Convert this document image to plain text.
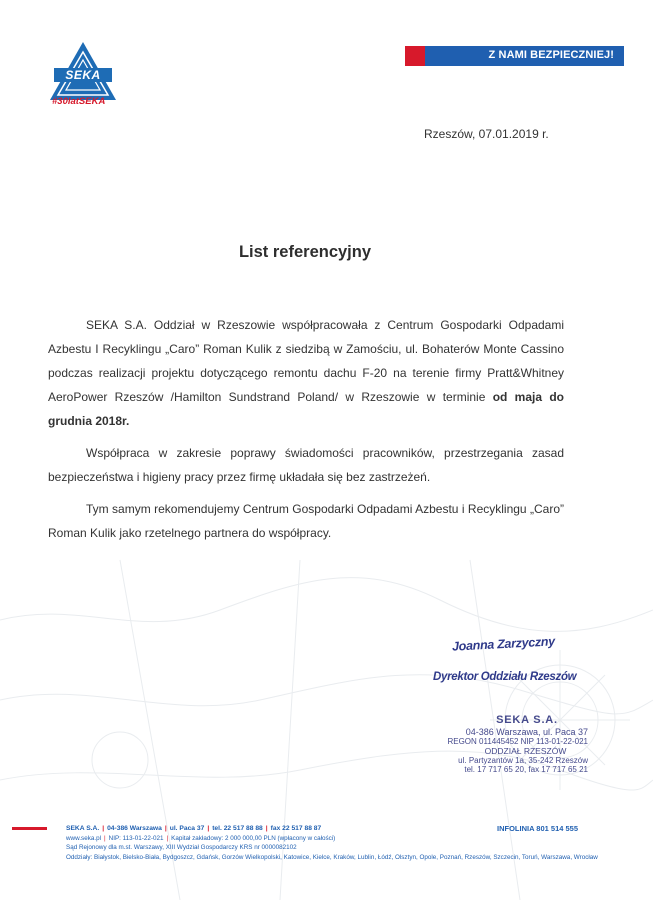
SEKA
#30latSEKA
Z NAMI BEZPIECZNIEJ!
Rzeszów, 07.01.2019 r.
List referencyjny

SEKA S.A. Oddział w Rzeszowie współpracowała z Centrum Gospodarki Odpadami Azbestu I Recyklingu „Caro” Roman Kulik z siedzibą w Zamościu, ul. Bohaterów Monte Cassino podczas realizacji projektu dotyczącego remontu dachu F-20 na terenie firmy Pratt&Whitney AeroPower Rzeszów /Hamilton Sundstrand Poland/ w Rzeszowie w terminie od maja do grudnia 2018r.

Współpraca w zakresie poprawy świadomości pracowników, przestrzegania zasad bezpieczeństwa i higieny pracy przez firmę układała się bez zastrzeżeń.

Tym samym rekomendujemy Centrum Gospodarki Odpadami Azbestu i Recyklingu „Caro” Roman Kulik jako rzetelnego partnera do współpracy.

Joanna Zarzyczny
Dyrektor Oddziału Rzeszów
SEKA S.A.
04-386 Warszawa, ul. Paca 37
REGON 011445452 NIP 113-01-22-021
ODDZIAŁ RZESZÓW
ul. Partyzantów 1a, 35-242 Rzeszów
tel. 17 717 65 20, fax 17 717 65 21
SEKA S.A. | 04-386 Warszawa | ul. Paca 37 | tel. 22 517 88 88 | fax 22 517 88 87
www.seka.pl | NIP: 113-01-22-021 | Kapitał zakładowy: 2 000 000,00 PLN (wpłacony w całości)
Sąd Rejonowy dla m.st. Warszawy, XIII Wydział Gospodarczy KRS nr 0000082102
Oddziały: Białystok, Bielsko-Biała, Bydgoszcz, Gdańsk, Gorzów Wielkopolski, Katowice, Kielce, Kraków, Lublin, Łódź, Olsztyn, Opole, Poznań, Rzeszów, Szczecin, Toruń, Warszawa, Wrocław
INFOLINIA 801 514 555
